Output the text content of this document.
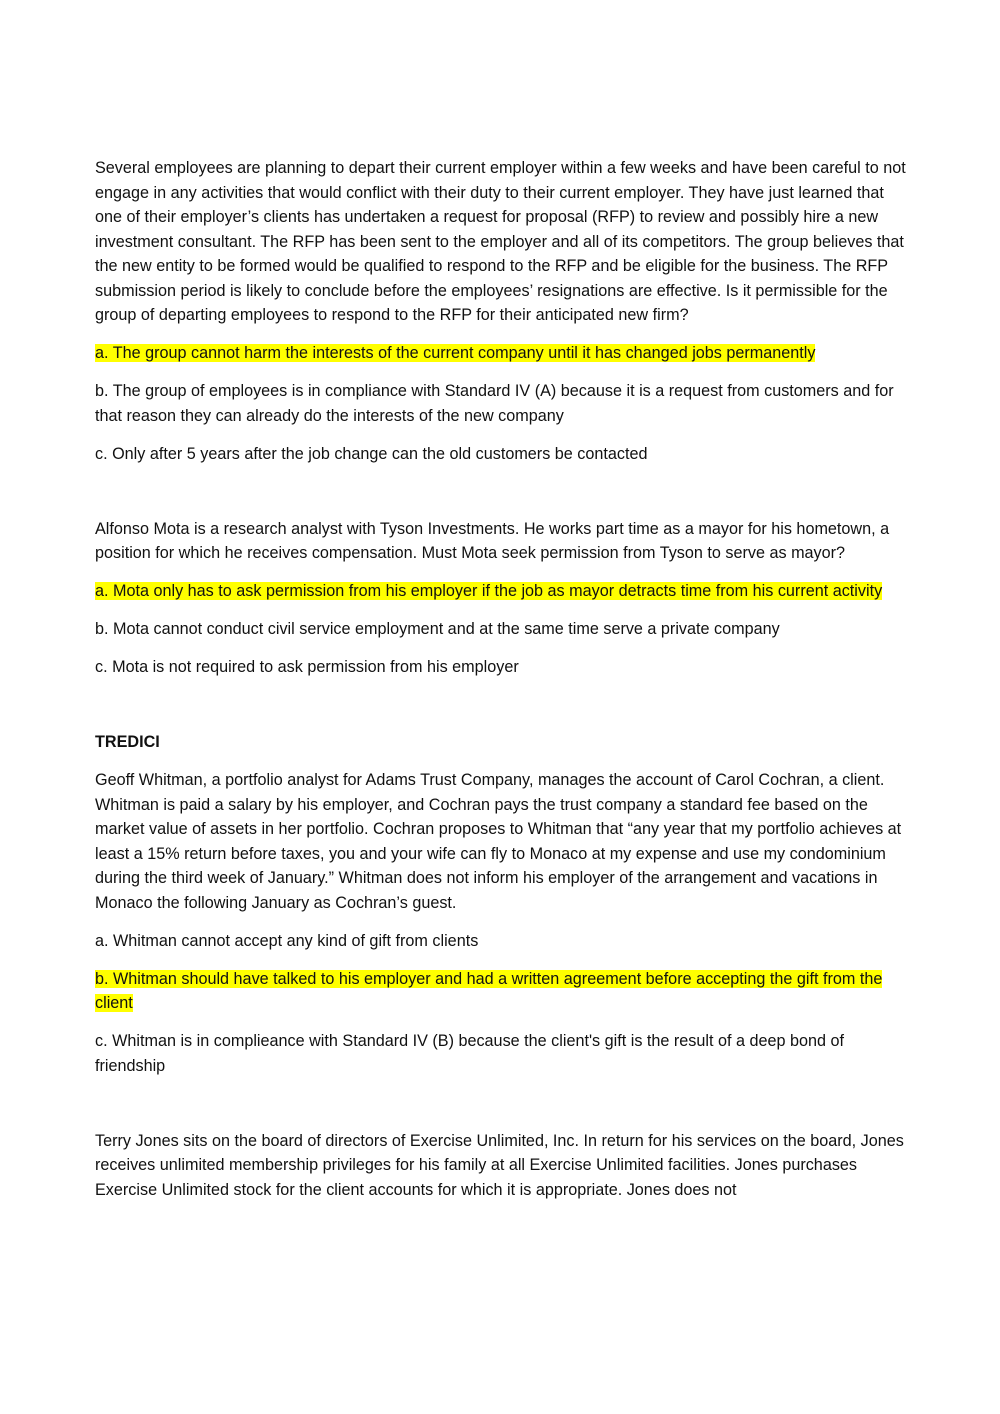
Several employees are planning to depart their current employer within a few weeks and have been careful to not engage in any activities that would conflict with their duty to their current employer. They have just learned that one of their employer’s clients has undertaken a request for proposal (RFP) to review and possibly hire a new investment consultant. The RFP has been sent to the employer and all of its competitors. The group believes that the new entity to be formed would be qualified to respond to the RFP and be eligible for the business. The RFP submission period is likely to conclude before the employees’ resignations are effective. Is it permissible for the group of departing employees to respond to the RFP for their anticipated new firm?

a. The group cannot harm the interests of the current company until it has changed jobs permanently

b. The group of employees is in compliance with Standard IV (A) because it is a request from customers and for that reason they can already do the interests of the new company

c. Only after 5 years after the job change can the old customers be contacted

Alfonso Mota is a research analyst with Tyson Investments. He works part time as a mayor for his hometown, a position for which he receives compensation. Must Mota seek permission from Tyson to serve as mayor?

a. Mota only has to ask permission from his employer if the job as mayor detracts time from his current activity

b. Mota cannot conduct civil service employment and at the same time serve a private company

c. Mota is not required to ask permission from his employer

TREDICI

Geoff Whitman, a portfolio analyst for Adams Trust Company, manages the account of Carol Cochran, a client. Whitman is paid a salary by his employer, and Cochran pays the trust company a standard fee based on the market value of assets in her portfolio. Cochran proposes to Whitman that “any year that my portfolio achieves at least a 15% return before taxes, you and your wife can fly to Monaco at my expense and use my condominium during the third week of January.” Whitman does not inform his employer of the arrangement and vacations in Monaco the following January as Cochran’s guest.

a. Whitman cannot accept any kind of gift from clients

b. Whitman should have talked to his employer and had a written agreement before accepting the gift from the client

c. Whitman is in complieance with Standard IV (B) because the client's gift is the result of a deep bond of friendship

Terry Jones sits on the board of directors of Exercise Unlimited, Inc. In return for his services on the board, Jones receives unlimited membership privileges for his family at all Exercise Unlimited facilities. Jones purchases Exercise Unlimited stock for the client accounts for which it is appropriate. Jones does not
